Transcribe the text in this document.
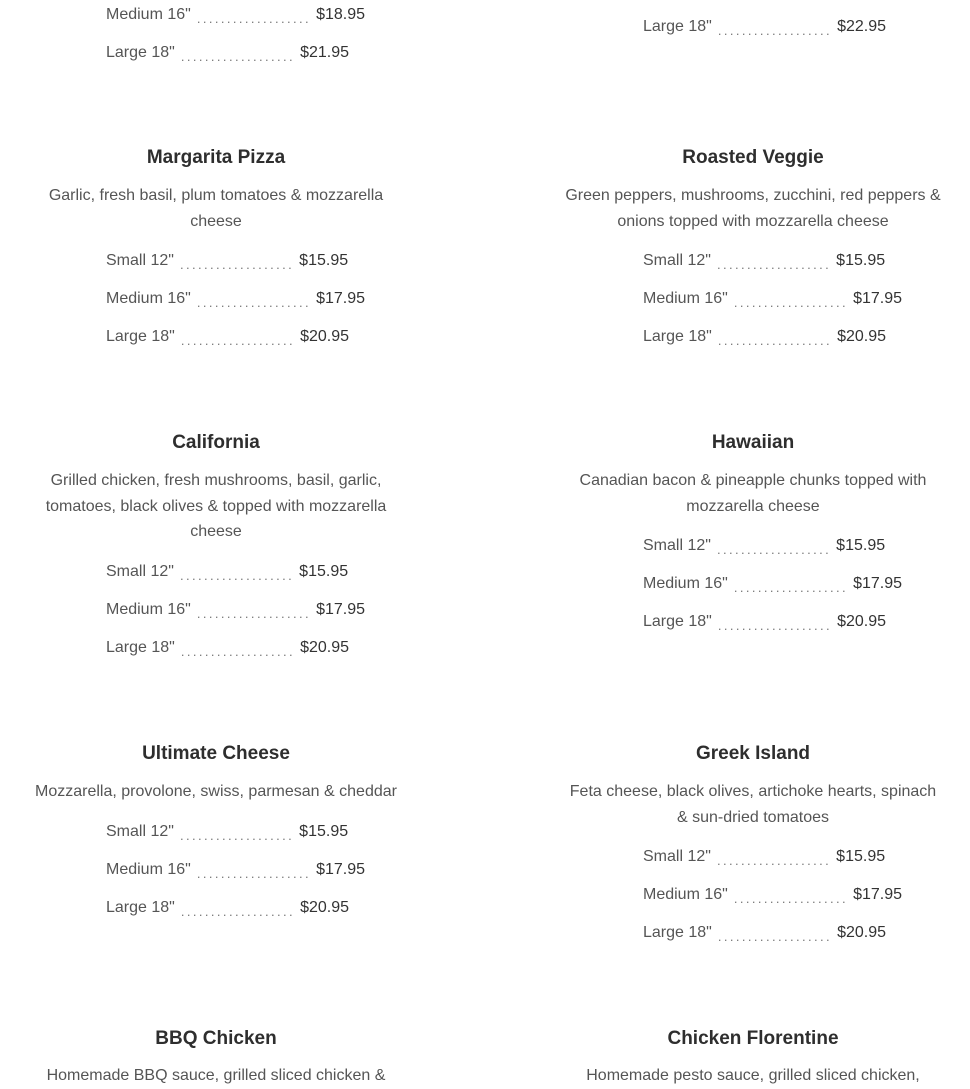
Medium 16" ................... $18.95
Large 18" ................... $21.95
Large 18" ................... $22.95
Margarita Pizza

Garlic, fresh basil, plum tomatoes & mozzarella cheese

Small 12" ................... $15.95
Medium 16" ................... $17.95
Large 18" ................... $20.95
Roasted Veggie

Green peppers, mushrooms, zucchini, red peppers & onions topped with mozzarella cheese

Small 12" ................... $15.95
Medium 16" ................... $17.95
Large 18" ................... $20.95
California

Grilled chicken, fresh mushrooms, basil, garlic, tomatoes, black olives & topped with mozzarella cheese

Small 12" ................... $15.95
Medium 16" ................... $17.95
Large 18" ................... $20.95
Hawaiian

Canadian bacon & pineapple chunks topped with mozzarella cheese

Small 12" ................... $15.95
Medium 16" ................... $17.95
Large 18" ................... $20.95
Ultimate Cheese

Mozzarella, provolone, swiss, parmesan & cheddar

Small 12" ................... $15.95
Medium 16" ................... $17.95
Large 18" ................... $20.95
Greek Island

Feta cheese, black olives, artichoke hearts, spinach & sun-dried tomatoes

Small 12" ................... $15.95
Medium 16" ................... $17.95
Large 18" ................... $20.95
BBQ Chicken

Homemade BBQ sauce, grilled sliced chicken &

Chicken Florentine

Homemade pesto sauce, grilled sliced chicken,
